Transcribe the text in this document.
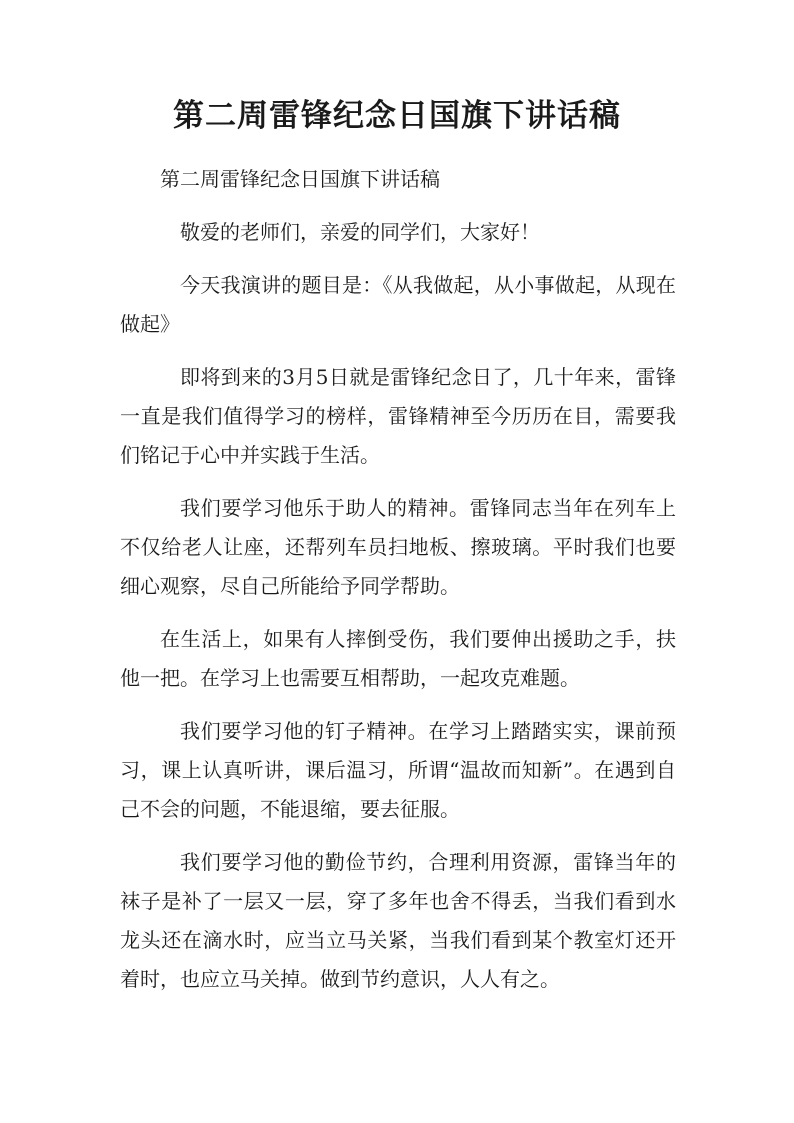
第二周雷锋纪念日国旗下讲话稿

第二周雷锋纪念日国旗下讲话稿

敬爱的老师们，亲爱的同学们，大家好！

今天我演讲的题目是：《从我做起，从小事做起，从现在做起》

即将到来的3月5日就是雷锋纪念日了，几十年来，雷锋一直是我们值得学习的榜样，雷锋精神至今历历在目，需要我们铭记于心中并实践于生活。

我们要学习他乐于助人的精神。雷锋同志当年在列车上不仅给老人让座，还帮列车员扫地板、擦玻璃。平时我们也要细心观察，尽自己所能给予同学帮助。

在生活上，如果有人摔倒受伤，我们要伸出援助之手，扶他一把。在学习上也需要互相帮助，一起攻克难题。

我们要学习他的钉子精神。在学习上踏踏实实，课前预习，课上认真听讲，课后温习，所谓“温故而知新”。在遇到自己不会的问题，不能退缩，要去征服。

我们要学习他的勤俭节约，合理利用资源，雷锋当年的袜子是补了一层又一层，穿了多年也舍不得丢，当我们看到水龙头还在滴水时，应当立马关紧，当我们看到某个教室灯还开着时，也应立马关掉。做到节约意识，人人有之。
